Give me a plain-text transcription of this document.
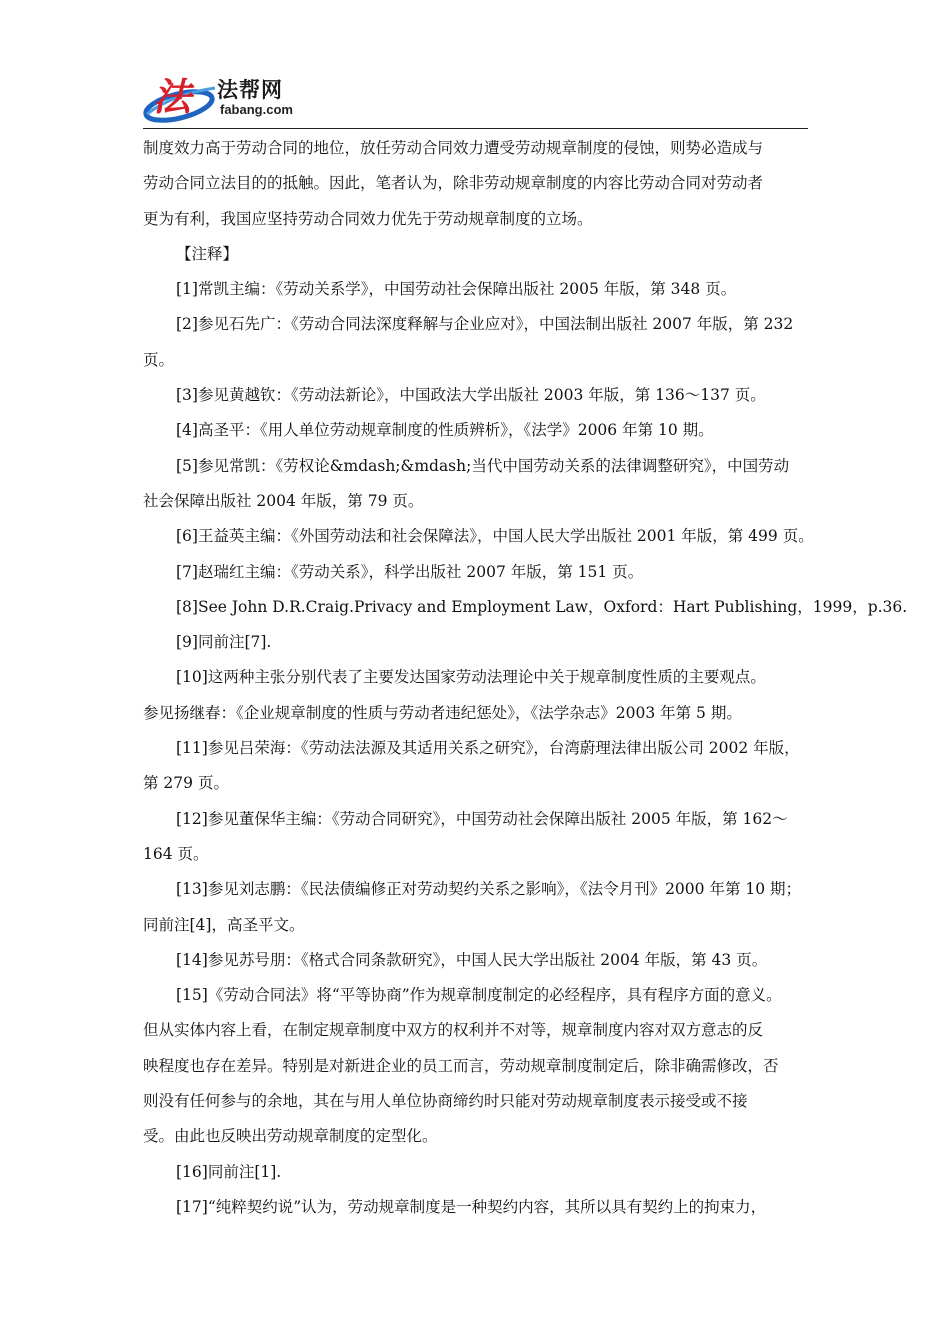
法 法帮网
fabang.com

制度效力高于劳动合同的地位，放任劳动合同效力遭受劳动规章制度的侵蚀，则势必造成与

劳动合同立法目的的抵触。因此，笔者认为，除非劳动规章制度的内容比劳动合同对劳动者

更为有利，我国应坚持劳动合同效力优先于劳动规章制度的立场。

【注释】

[1]常凯主编：《劳动关系学》，中国劳动社会保障出版社 2005 年版，第 348 页。

[2]参见石先广：《劳动合同法深度释解与企业应对》，中国法制出版社 2007 年版，第 232

页。

[3]参见黄越钦：《劳动法新论》，中国政法大学出版社 2003 年版，第 136～137 页。

[4]高圣平：《用人单位劳动规章制度的性质辨析》，《法学》2006 年第 10 期。

[5]参见常凯：《劳权论&mdash;&mdash;当代中国劳动关系的法律调整研究》，中国劳动

社会保障出版社 2004 年版，第 79 页。

[6]王益英主编：《外国劳动法和社会保障法》，中国人民大学出版社 2001 年版，第 499 页。

[7]赵瑞红主编：《劳动关系》，科学出版社 2007 年版，第 151 页。

[8]See John D.R.Craig.Privacy and Employment Law，Oxford：Hart Publishing，1999，p.36.

[9]同前注[7].

[10]这两种主张分别代表了主要发达国家劳动法理论中关于规章制度性质的主要观点。

参见扬继春：《企业规章制度的性质与劳动者违纪惩处》，《法学杂志》2003 年第 5 期。

[11]参见吕荣海：《劳动法法源及其适用关系之研究》，台湾蔚理法律出版公司 2002 年版，

第 279 页。

[12]参见董保华主编：《劳动合同研究》，中国劳动社会保障出版社 2005 年版，第 162～

164 页。

[13]参见刘志鹏：《民法债编修正对劳动契约关系之影响》，《法令月刊》2000 年第 10 期；

同前注[4]，高圣平文。

[14]参见苏号朋：《格式合同条款研究》，中国人民大学出版社 2004 年版，第 43 页。

[15]《劳动合同法》将“平等协商”作为规章制度制定的必经程序，具有程序方面的意义。

但从实体内容上看，在制定规章制度中双方的权利并不对等，规章制度内容对双方意志的反

映程度也存在差异。特别是对新进企业的员工而言，劳动规章制度制定后，除非确需修改，否

则没有任何参与的余地，其在与用人单位协商缔约时只能对劳动规章制度表示接受或不接

受。由此也反映出劳动规章制度的定型化。

[16]同前注[1].

[17]“纯粹契约说”认为，劳动规章制度是一种契约内容，其所以具有契约上的拘束力，
